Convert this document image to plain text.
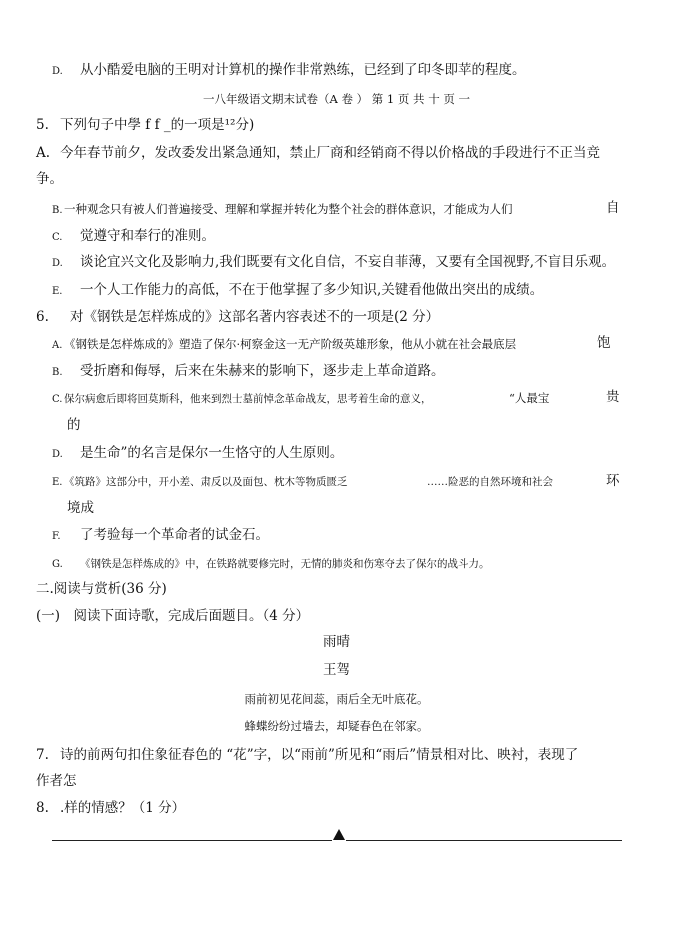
D. 从小酷爱电脑的王明对计算机的操作非常熟练，已经到了印冬即苹的程度。
一八年级语文期末试卷（A 卷 ） 第 1 页 共 十 页 一
5. 下列句子中學 f f _的一项是¹²分)
A. 今年春节前夕，发改委发出紧急通知，禁止厂商和经销商不得以价格战的手段进行不正当竞
争。
B.一种观念只有被人们普遍接受、理解和掌握并转化为整个社会的群体意识，才能成为人们	自
C. 觉遵守和奉行的准则。
D. 谈论宜兴文化及影响力,我们既要有文化自信，不妄自菲薄，又要有全国视野,不盲目乐观。
E. 一个人工作能力的高低，不在于他掌握了多少知识,关键看他做出突出的成绩。
6. 对《钢铁是怎样炼成的》这部名著内容表述不的一项是(2 分）
A. 《钢铁是怎样炼成的》塑造了保尔·柯察金这一无产阶级英雄形象，他从小就在社会最底层	饱
B. 受折磨和侮辱，后来在朱赫来的影响下，逐步走上革命道路。
C. 保尔病愈后即将回莫斯科，他来到烈士墓前悼念革命战友，思考着生命的意义，	“人最宝	贵
的
D. 是生命”的名言是保尔一生恪守的人生原则。
E. 《筑路》这部分中，开小差、肃反以及面包、枕木等物质匮乏	……险恶的自然环境和社会	环
境成
F. 了考验每一个革命者的试金石。
G. 《钢铁是怎样炼成的》中，在铁路就要修完时，无情的肺炎和伤寒夺去了保尔的战斗力。
二.阅读与赏析(36 分)
(一)　阅读下面诗歌，完成后面题目。（4 分）
雨晴
王驾
雨前初见花间蕊，雨后全无叶底花。
蜂蝶纷纷过墙去，却疑春色在邻家。
7. 诗的前两句扣住象征春色的 “花”字，以“雨前”所见和“雨后”情景相对比、映衬，表现了
作者怎
8. .样的情感？（1 分）
